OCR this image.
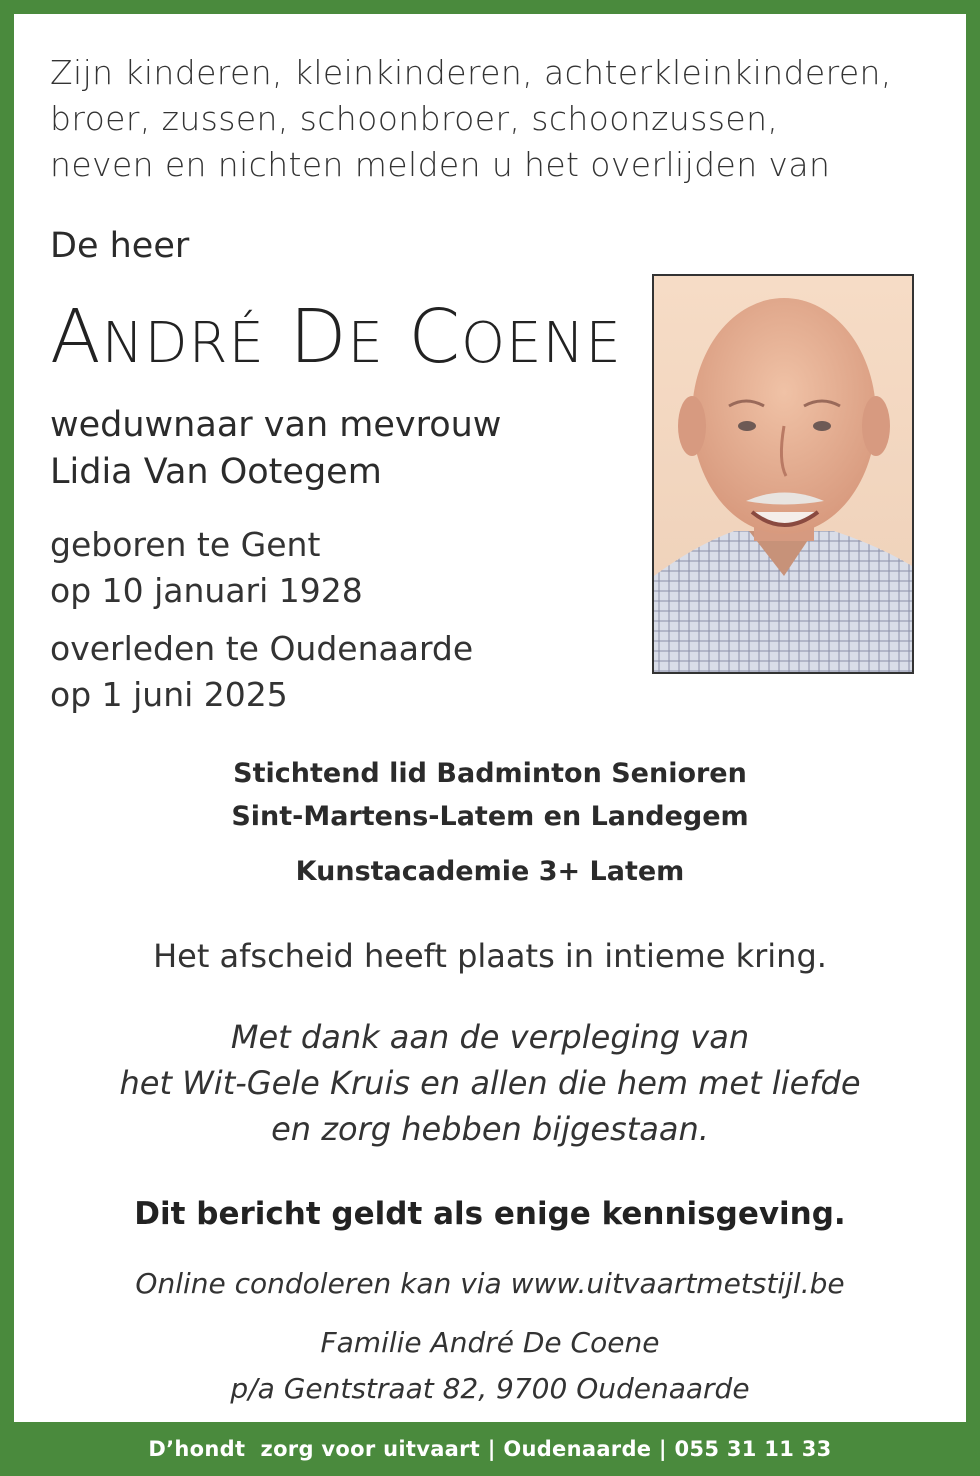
Zijn kinderen, kleinkinderen, achterkleinkinderen,
broer, zussen, schoonbroer, schoonzussen,
neven en nichten melden u het overlijden van
De heer
ANDRÉ DE COENE
weduwnaar van mevrouw
Lidia Van Ootegem
geboren te Gent
op 10 januari 1928
overleden te Oudenaarde
op 1 juni 2025
Stichtend lid Badminton Senioren
Sint-Martens-Latem en Landegem
Kunstacademie 3+ Latem
Het afscheid heeft plaats in intieme kring.
Met dank aan de verpleging van
het Wit-Gele Kruis en allen die hem met liefde
en zorg hebben bijgestaan.
Dit bericht geldt als enige kennisgeving.
Online condoleren kan via www.uitvaartmetstijl.be
Familie André De Coene
p/a Gentstraat 82, 9700 Oudenaarde
D’hondt  zorg voor uitvaart | Oudenaarde | 055 31 11 33
